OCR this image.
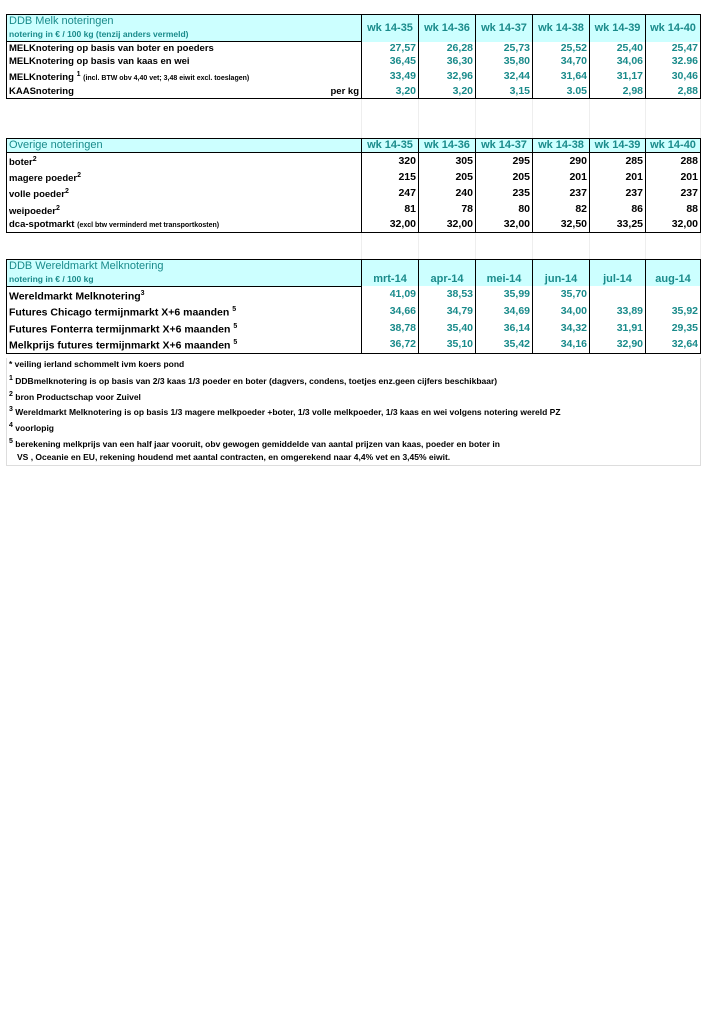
DDB Melk noteringen	wk 14-35	wk 14-36	wk 14-37	wk 14-38	wk 14-39	wk 14-40
notering in € / 100 kg (tenzij anders vermeld)						
MELKnotering op basis van boter en poeders	27,57	26,28	25,73	25,52	25,40	25,47
MELKnotering op basis van kaas en wei	36,45	36,30	35,80	34,70	34,06	32.96
MELKnotering $^1$ (incl. BTW obv 4,40 vet; 3,48 eiwit excl. toeslagen)	33,49	32,96	32,44	31,64	31,17	30,46
KAASnotering per kg	3,20	3,20	3,15	3.05	2,98	2,88

Overige noteringen	wk 14-35	wk 14-36	wk 14-37	wk 14-38	wk 14-39	wk 14-40
boter$^2$	320	305	295	290	285	288
magere poeder$^2$	215	205	205	201	201	201
volle poeder$^2$	247	240	235	237	237	237
weipoeder$^2$	81	78	80	82	86	88
dca-spotmarkt (excl btw verminderd met transportkosten)	32,00	32,00	32,00	32,50	33,25	32,00

DDB Wereldmarkt Melknotering	mrt-14	apr-14	mei-14	jun-14	jul-14	aug-14
notering in € / 100 kg						
Wereldmarkt Melknotering$^3$	41,09	38,53	35,99	35,70		
Futures Chicago termijnmarkt X+6 maanden $^5$	34,66	34,79	34,69	34,00	33,89	35,92
Futures Fonterra termijnmarkt X+6 maanden $^5$	38,78	35,40	36,14	34,32	31,91	29,35
Melkprijs futures termijnmarkt X+6 maanden $^5$	36,72	35,10	35,42	34,16	32,90	32,64
* veiling ierland schommelt ivm koers pond
$^1$ DDBmelknotering is op basis van 2/3 kaas 1/3 poeder en boter (dagvers, condens, toetjes enz.geen cijfers beschikbaar)
$^2$ bron Productschap voor Zuivel
$^3$ Wereldmarkt Melknotering is op basis 1/3 magere melkpoeder +boter, 1/3 volle melkpoeder, 1/3 kaas en wei volgens notering wereld PZ
$^4$ voorlopig
$^5$ berekening melkprijs van een half jaar vooruit, obv gewogen gemiddelde van aantal prijzen van kaas, poeder en boter in
VS , Oceanie en EU, rekening houdend met aantal contracten, en omgerekend naar 4,4% vet en 3,45% eiwit.
